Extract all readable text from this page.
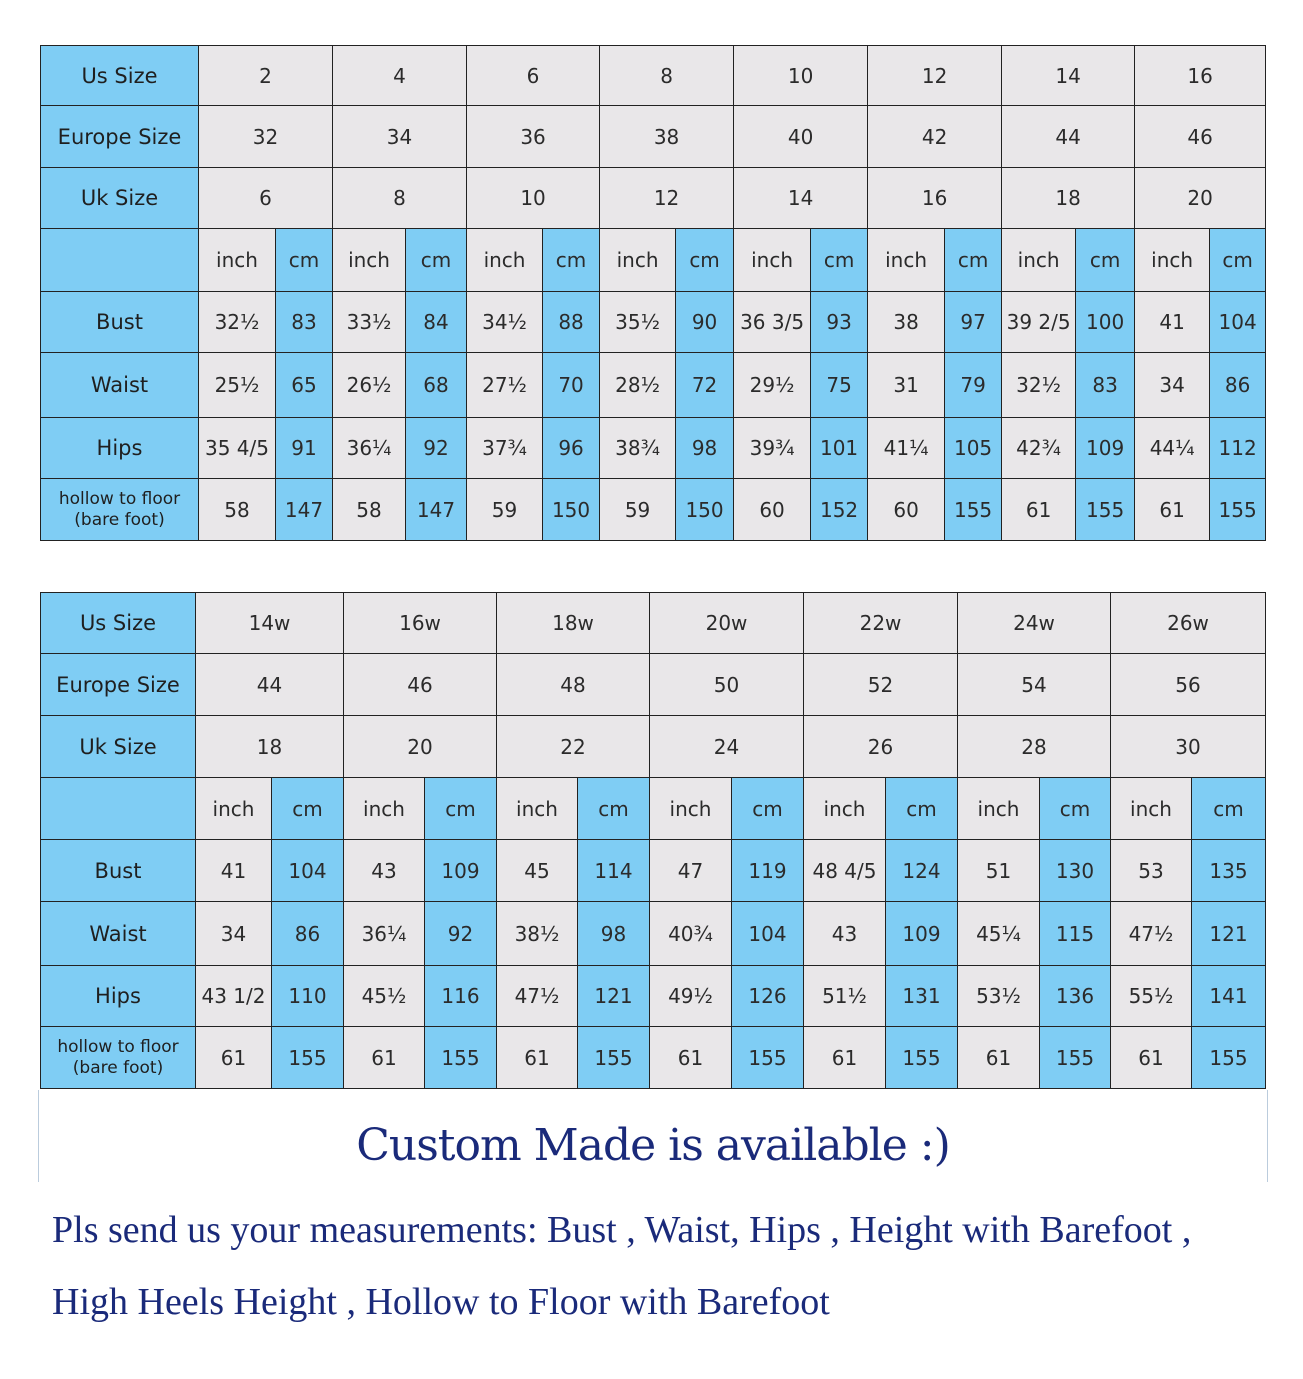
Us Size	2		4		6		8		10		12		14		16	
Europe Size	32		34		36		38		40		42		44		46	
Uk Size	6		8		10		12		14		16		18		20	
	inch	cm	inch	cm	inch	cm	inch	cm	inch	cm	inch	cm	inch	cm	inch	cm
Bust	32½	83	33½	84	34½	88	35½	90	36 3/5	93	38	97	39 2/5	100	41	104
Waist	25½	65	26½	68	27½	70	28½	72	29½	75	31	79	32½	83	34	86
Hips	35 4/5	91	36¼	92	37¾	96	38¾	98	39¾	101	41¼	105	42¾	109	44¼	112
hollow to floor (bare foot)	58	147	58	147	59	150	59	150	60	152	60	155	61	155	61	155
Us Size	14w		16w		18w		20w		22w		24w		26w	
Europe Size	44		46		48		50		52		54		56	
Uk Size	18		20		22		24		26		28		30	
	inch	cm	inch	cm	inch	cm	inch	cm	inch	cm	inch	cm	inch	cm
Bust	41	104	43	109	45	114	47	119	48 4/5	124	51	130	53	135
Waist	34	86	36¼	92	38½	98	40¾	104	43	109	45¼	115	47½	121
Hips	43 1/2	110	45½	116	47½	121	49½	126	51½	131	53½	136	55½	141
hollow to floor (bare foot)	61	155	61	155	61	155	61	155	61	155	61	155	61	155
Custom Made is available :)
Pls send us your measurements: Bust , Waist, Hips , Height with Barefoot ,
High Heels Height , Hollow to Floor with Barefoot
